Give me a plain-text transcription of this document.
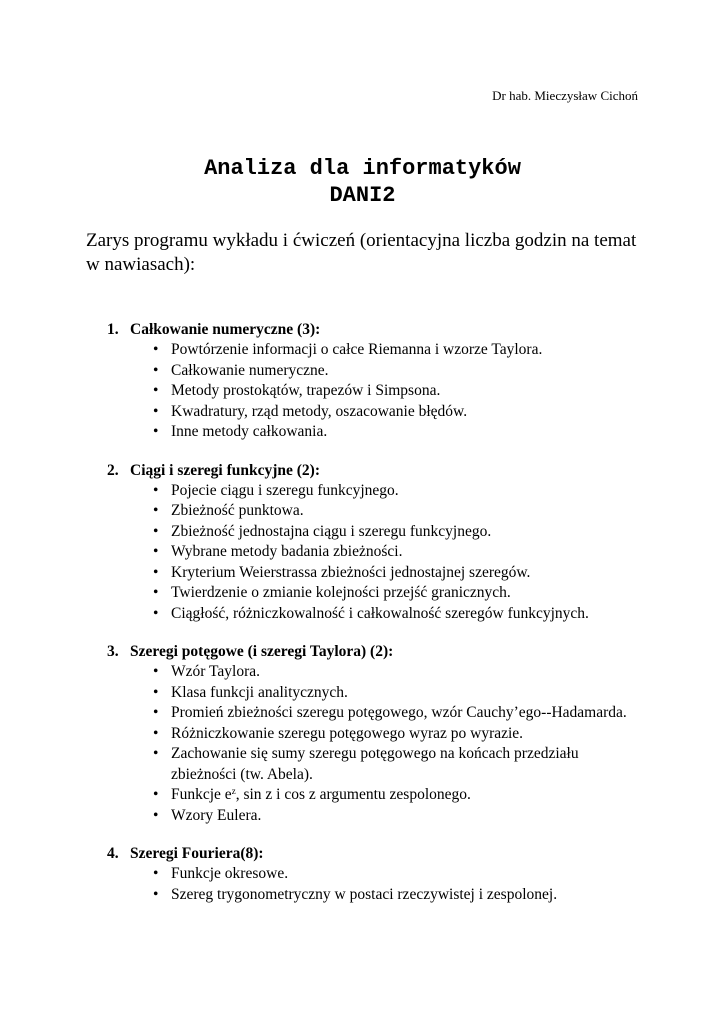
Dr hab. Mieczysław Cichoń
Analiza dla informatyków
DANI2
Zarys programu wykładu i ćwiczeń (orientacyjna liczba godzin na temat w nawiasach):
1. Całkowanie numeryczne (3):
• Powtórzenie informacji o całce Riemanna i wzorze Taylora.
• Całkowanie numeryczne.
• Metody prostokątów, trapezów i Simpsona.
• Kwadratury, rząd metody, oszacowanie błędów.
• Inne metody całkowania.
2. Ciągi i szeregi funkcyjne (2):
• Pojecie ciągu i szeregu funkcyjnego.
• Zbieżność punktowa.
• Zbieżność jednostajna ciągu i szeregu funkcyjnego.
• Wybrane metody badania zbieżności.
• Kryterium Weierstrassa zbieżności jednostajnej szeregów.
• Twierdzenie o zmianie kolejności przejść granicznych.
• Ciągłość, różniczkowalność i całkowalność szeregów funkcyjnych.
3. Szeregi potęgowe (i szeregi Taylora) (2):
• Wzór Taylora.
• Klasa funkcji analitycznych.
• Promień zbieżności szeregu potęgowego, wzór Cauchy’ego--Hadamarda.
• Różniczkowanie szeregu potęgowego wyraz po wyrazie.
• Zachowanie się sumy szeregu potęgowego na końcach przedziału zbieżności (tw. Abela).
• Funkcje $e^z$, sin z i cos z argumentu zespolonego.
• Wzory Eulera.
4. Szeregi Fouriera(8):
• Funkcje okresowe.
• Szereg trygonometryczny w postaci rzeczywistej i zespolonej.
